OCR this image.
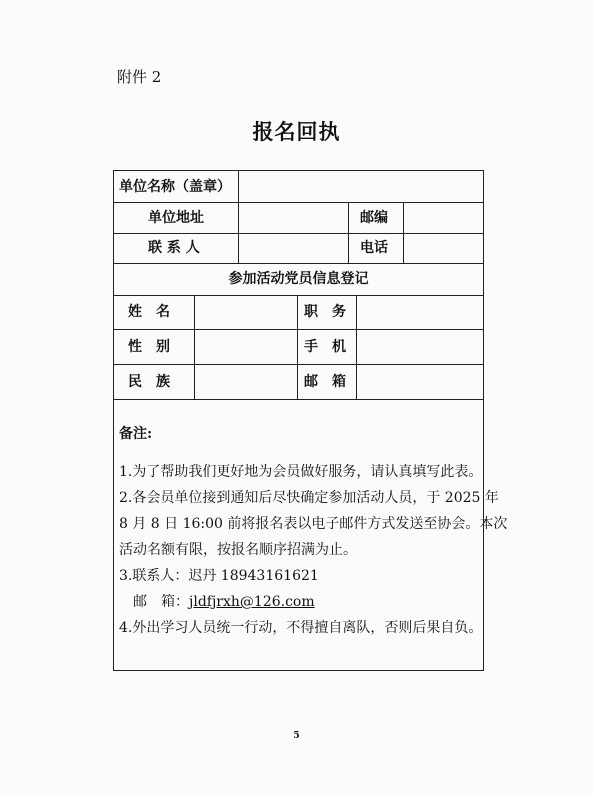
附件 2
报名回执
单位名称（盖章）
单位地址	邮编
联 系 人	电话
参加活动党员信息登记
姓　名	职　务
性　别	手　机
民　族	邮　箱

备注:

1.为了帮助我们更好地为会员做好服务，请认真填写此表。

2.各会员单位接到通知后尽快确定参加活动人员，于 2025 年

8 月 8 日 16:00 前将报名表以电子邮件方式发送至协会。本次

活动名额有限，按报名顺序招满为止。

3.联系人：迟丹 18943161621

　邮　箱：jldfjrxh@126.com

4.外出学习人员统一行动，不得擅自离队，否则后果自负。

5
